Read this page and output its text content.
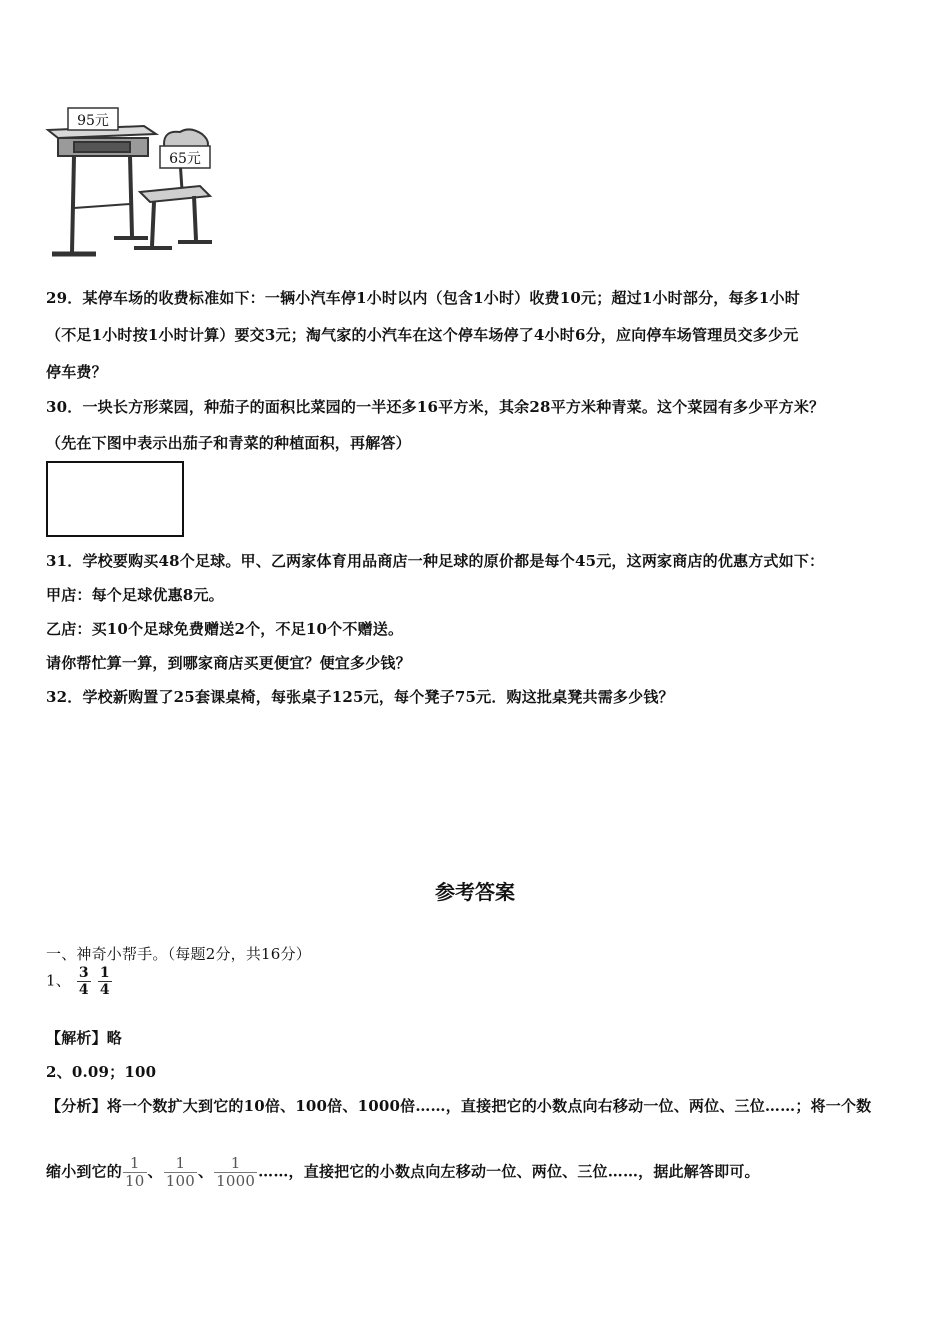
95元
65元
29．某停车场的收费标准如下：一辆小汽车停1小时以内（包含1小时）收费10元；超过1小时部分，每多1小时
（不足1小时按1小时计算）要交3元；淘气家的小汽车在这个停车场停了4小时6分，应向停车场管理员交多少元
停车费？
30．一块长方形菜园，种茄子的面积比菜园的一半还多16平方米，其余28平方米种青菜。这个菜园有多少平方米？
（先在下图中表示出茄子和青菜的种植面积，再解答）
31．学校要购买48个足球。甲、乙两家体育用品商店一种足球的原价都是每个45元，这两家商店的优惠方式如下：
甲店：每个足球优惠8元。
乙店：买10个足球免费赠送2个，不足10个不赠送。
请你帮忙算一算，到哪家商店买更便宜？便宜多少钱？
32．学校新购置了25套课桌椅，每张桌子125元，每个凳子75元．购这批桌凳共需多少钱？
参考答案
一、神奇小帮手。（每题2分，共16分）
1、 $\frac{3}{4}$
$\frac{1}{4}$
【解析】略
2、0.09；100
【分析】将一个数扩大到它的10倍、100倍、1000倍……，直接把它的小数点向右移动一位、两位、三位……；将一个数
缩小到它的 $\frac{1}{10}$ 、 $\frac{1}{100}$ 、 $\frac{1}{1000}$ ……，直接把它的小数点向左移动一位、两位、三位……，据此解答即可。
